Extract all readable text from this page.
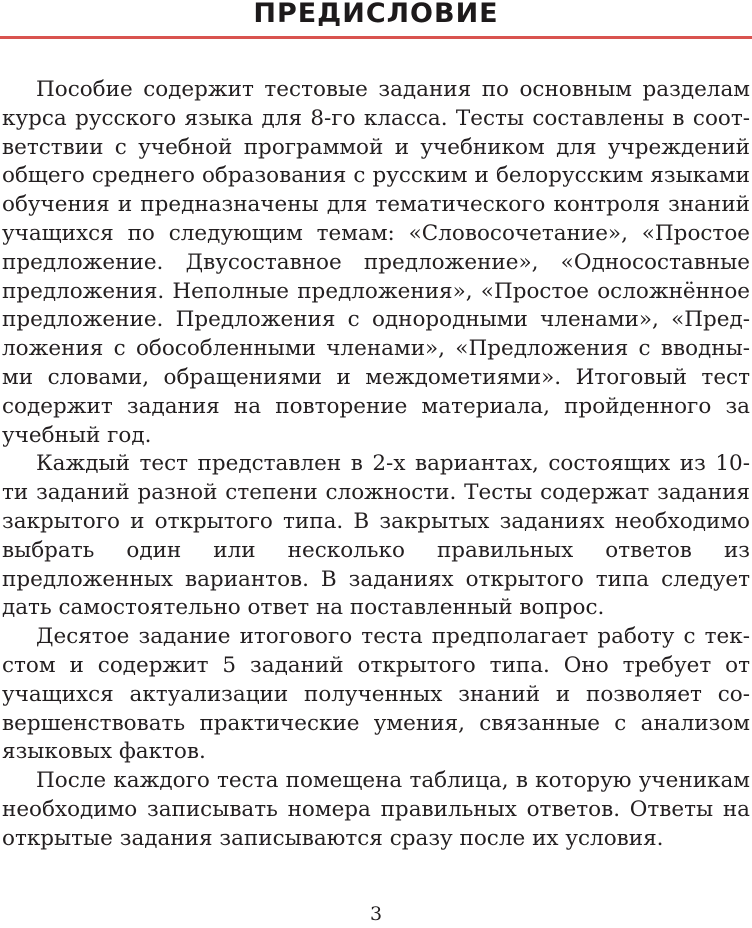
ПРЕДИСЛОВИЕ

Пособие содержит тестовые задания по основным разделам курса русского языка для 8-го класса. Тесты составлены в соответствии с учебной программой и учебником для учреждений общего среднего образования с русским и белорусским языками обучения и предназначены для тематического контроля знаний учащихся по следующим темам: «Словосочетание», «Простое предложение. Двусоставное предложение», «Односоставные предложения. Неполные предложения», «Простое осложнённое предложение. Предложения с однородными членами», «Предложения с обособленными членами», «Предложения с вводными словами, обращениями и междометиями». Итоговый тест содержит задания на повторение материала, пройденного за учебный год.

Каждый тест представлен в 2-х вариантах, состоящих из 10-ти заданий разной степени сложности. Тесты содержат задания закрытого и открытого типа. В закрытых заданиях необходимо выбрать один или несколько правильных ответов из предложенных вариантов. В заданиях открытого типа следует дать самостоятельно ответ на поставленный вопрос.

Десятое задание итогового теста предполагает работу с текстом и содержит 5 заданий открытого типа. Оно требует от учащихся актуализации полученных знаний и позволяет совершенствовать практические умения, связанные с анализом языковых фактов.

После каждого теста помещена таблица, в которую ученикам необходимо записывать номера правильных ответов. Ответы на открытые задания записываются сразу после их условия.

3
